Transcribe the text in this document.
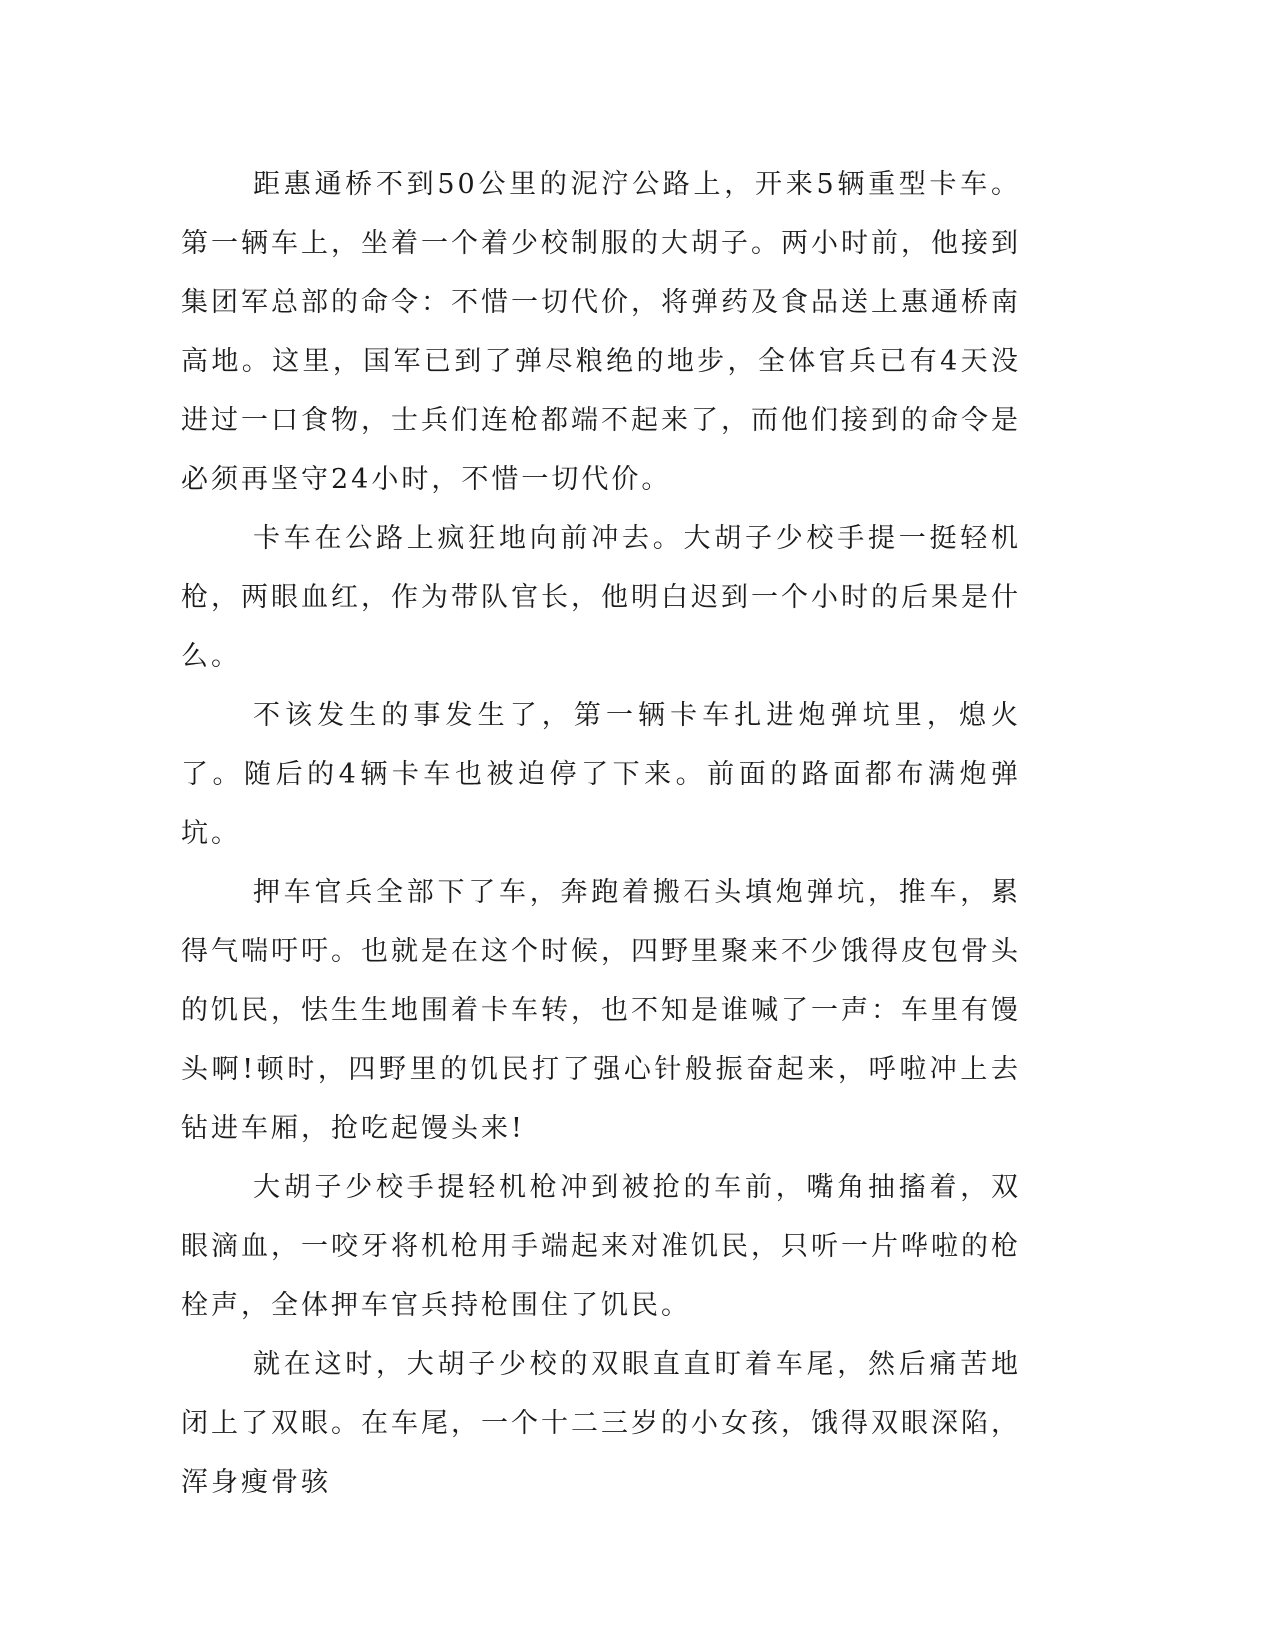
距惠通桥不到50公里的泥泞公路上，开来5辆重型卡车。第一辆车上，坐着一个着少校制服的大胡子。两小时前，他接到集团军总部的命令：不惜一切代价，将弹药及食品送上惠通桥南高地。这里，国军已到了弹尽粮绝的地步，全体官兵已有4天没进过一口食物，士兵们连枪都端不起来了，而他们接到的命令是必须再坚守24小时，不惜一切代价。

卡车在公路上疯狂地向前冲去。大胡子少校手提一挺轻机枪，两眼血红，作为带队官长，他明白迟到一个小时的后果是什么。

不该发生的事发生了，第一辆卡车扎进炮弹坑里，熄火了。随后的4辆卡车也被迫停了下来。前面的路面都布满炮弹坑。

押车官兵全部下了车，奔跑着搬石头填炮弹坑，推车，累得气喘吁吁。也就是在这个时候，四野里聚来不少饿得皮包骨头的饥民，怯生生地围着卡车转，也不知是谁喊了一声：车里有馒头啊!顿时，四野里的饥民打了强心针般振奋起来，呼啦冲上去钻进车厢，抢吃起馒头来!

大胡子少校手提轻机枪冲到被抢的车前，嘴角抽搐着，双眼滴血，一咬牙将机枪用手端起来对准饥民，只听一片哗啦的枪栓声，全体押车官兵持枪围住了饥民。

就在这时，大胡子少校的双眼直直盯着车尾，然后痛苦地闭上了双眼。在车尾，一个十二三岁的小女孩，饿得双眼深陷，浑身瘦骨骇
